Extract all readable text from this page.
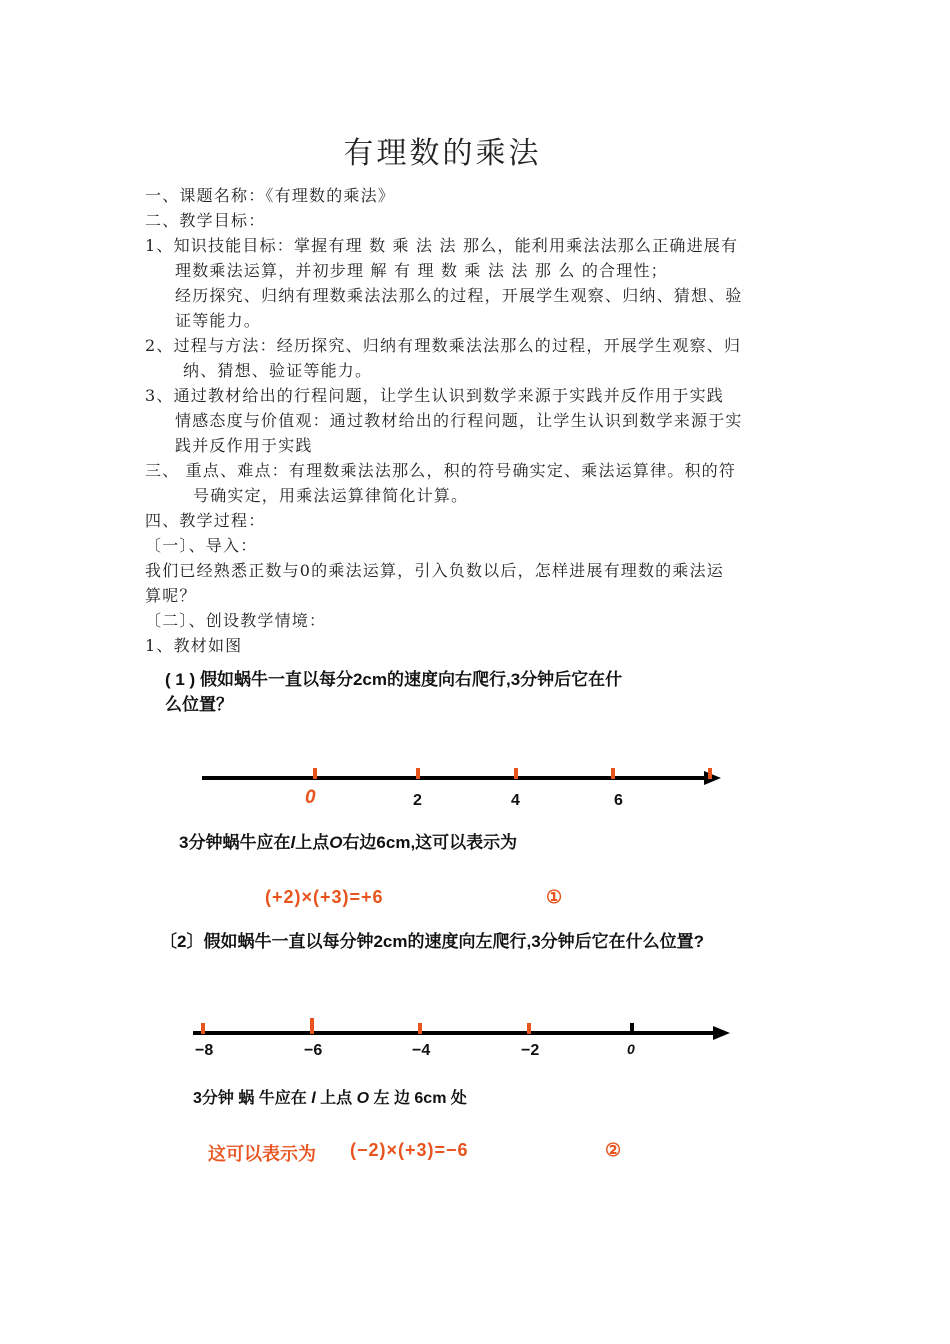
有理数的乘法
一、课题名称：《有理数的乘法》
二、教学目标：
1、知识技能目标：掌握有理 数 乘 法 法 那么，能利用乘法法那么正确进展有
理数乘法运算，并初步理 解 有 理 数 乘 法 法 那 么 的合理性；
经历探究、归纳有理数乘法法那么的过程，开展学生观察、归纳、猜想、验
证等能力。
2、过程与方法：经历探究、归纳有理数乘法法那么的过程，开展学生观察、归
纳、猜想、验证等能力。
3、通过教材给出的行程问题，让学生认识到数学来源于实践并反作用于实践
情感态度与价值观：通过教材给出的行程问题，让学生认识到数学来源于实
践并反作用于实践
三、 重点、难点：有理数乘法法那么，积的符号确实定、乘法运算律。积的符
号确实定，用乘法运算律简化计算。
四、教学过程：
〔一〕、导入：
我们已经熟悉正数与0的乘法运算，引入负数以后，怎样进展有理数的乘法运
算呢？
〔二〕、创设教学情境：
1、教材如图
( 1 ) 假如蜗牛一直以每分2cm的速度向右爬行,3分钟后它在什
么位置？
0	2	4	6
−8	−6	−4	−2	0
3分钟蜗牛应在l上点O右边6cm,这可以表示为
(+2)×(+3)=+6	①
〔2〕假如蜗牛一直以每分钟2cm的速度向左爬行,3分钟后它在什么位置?
3分钟 蜗 牛应在 l 上点 O 左 边 6cm 处
这可以表示为 (−2)×(+3)=−6	②
